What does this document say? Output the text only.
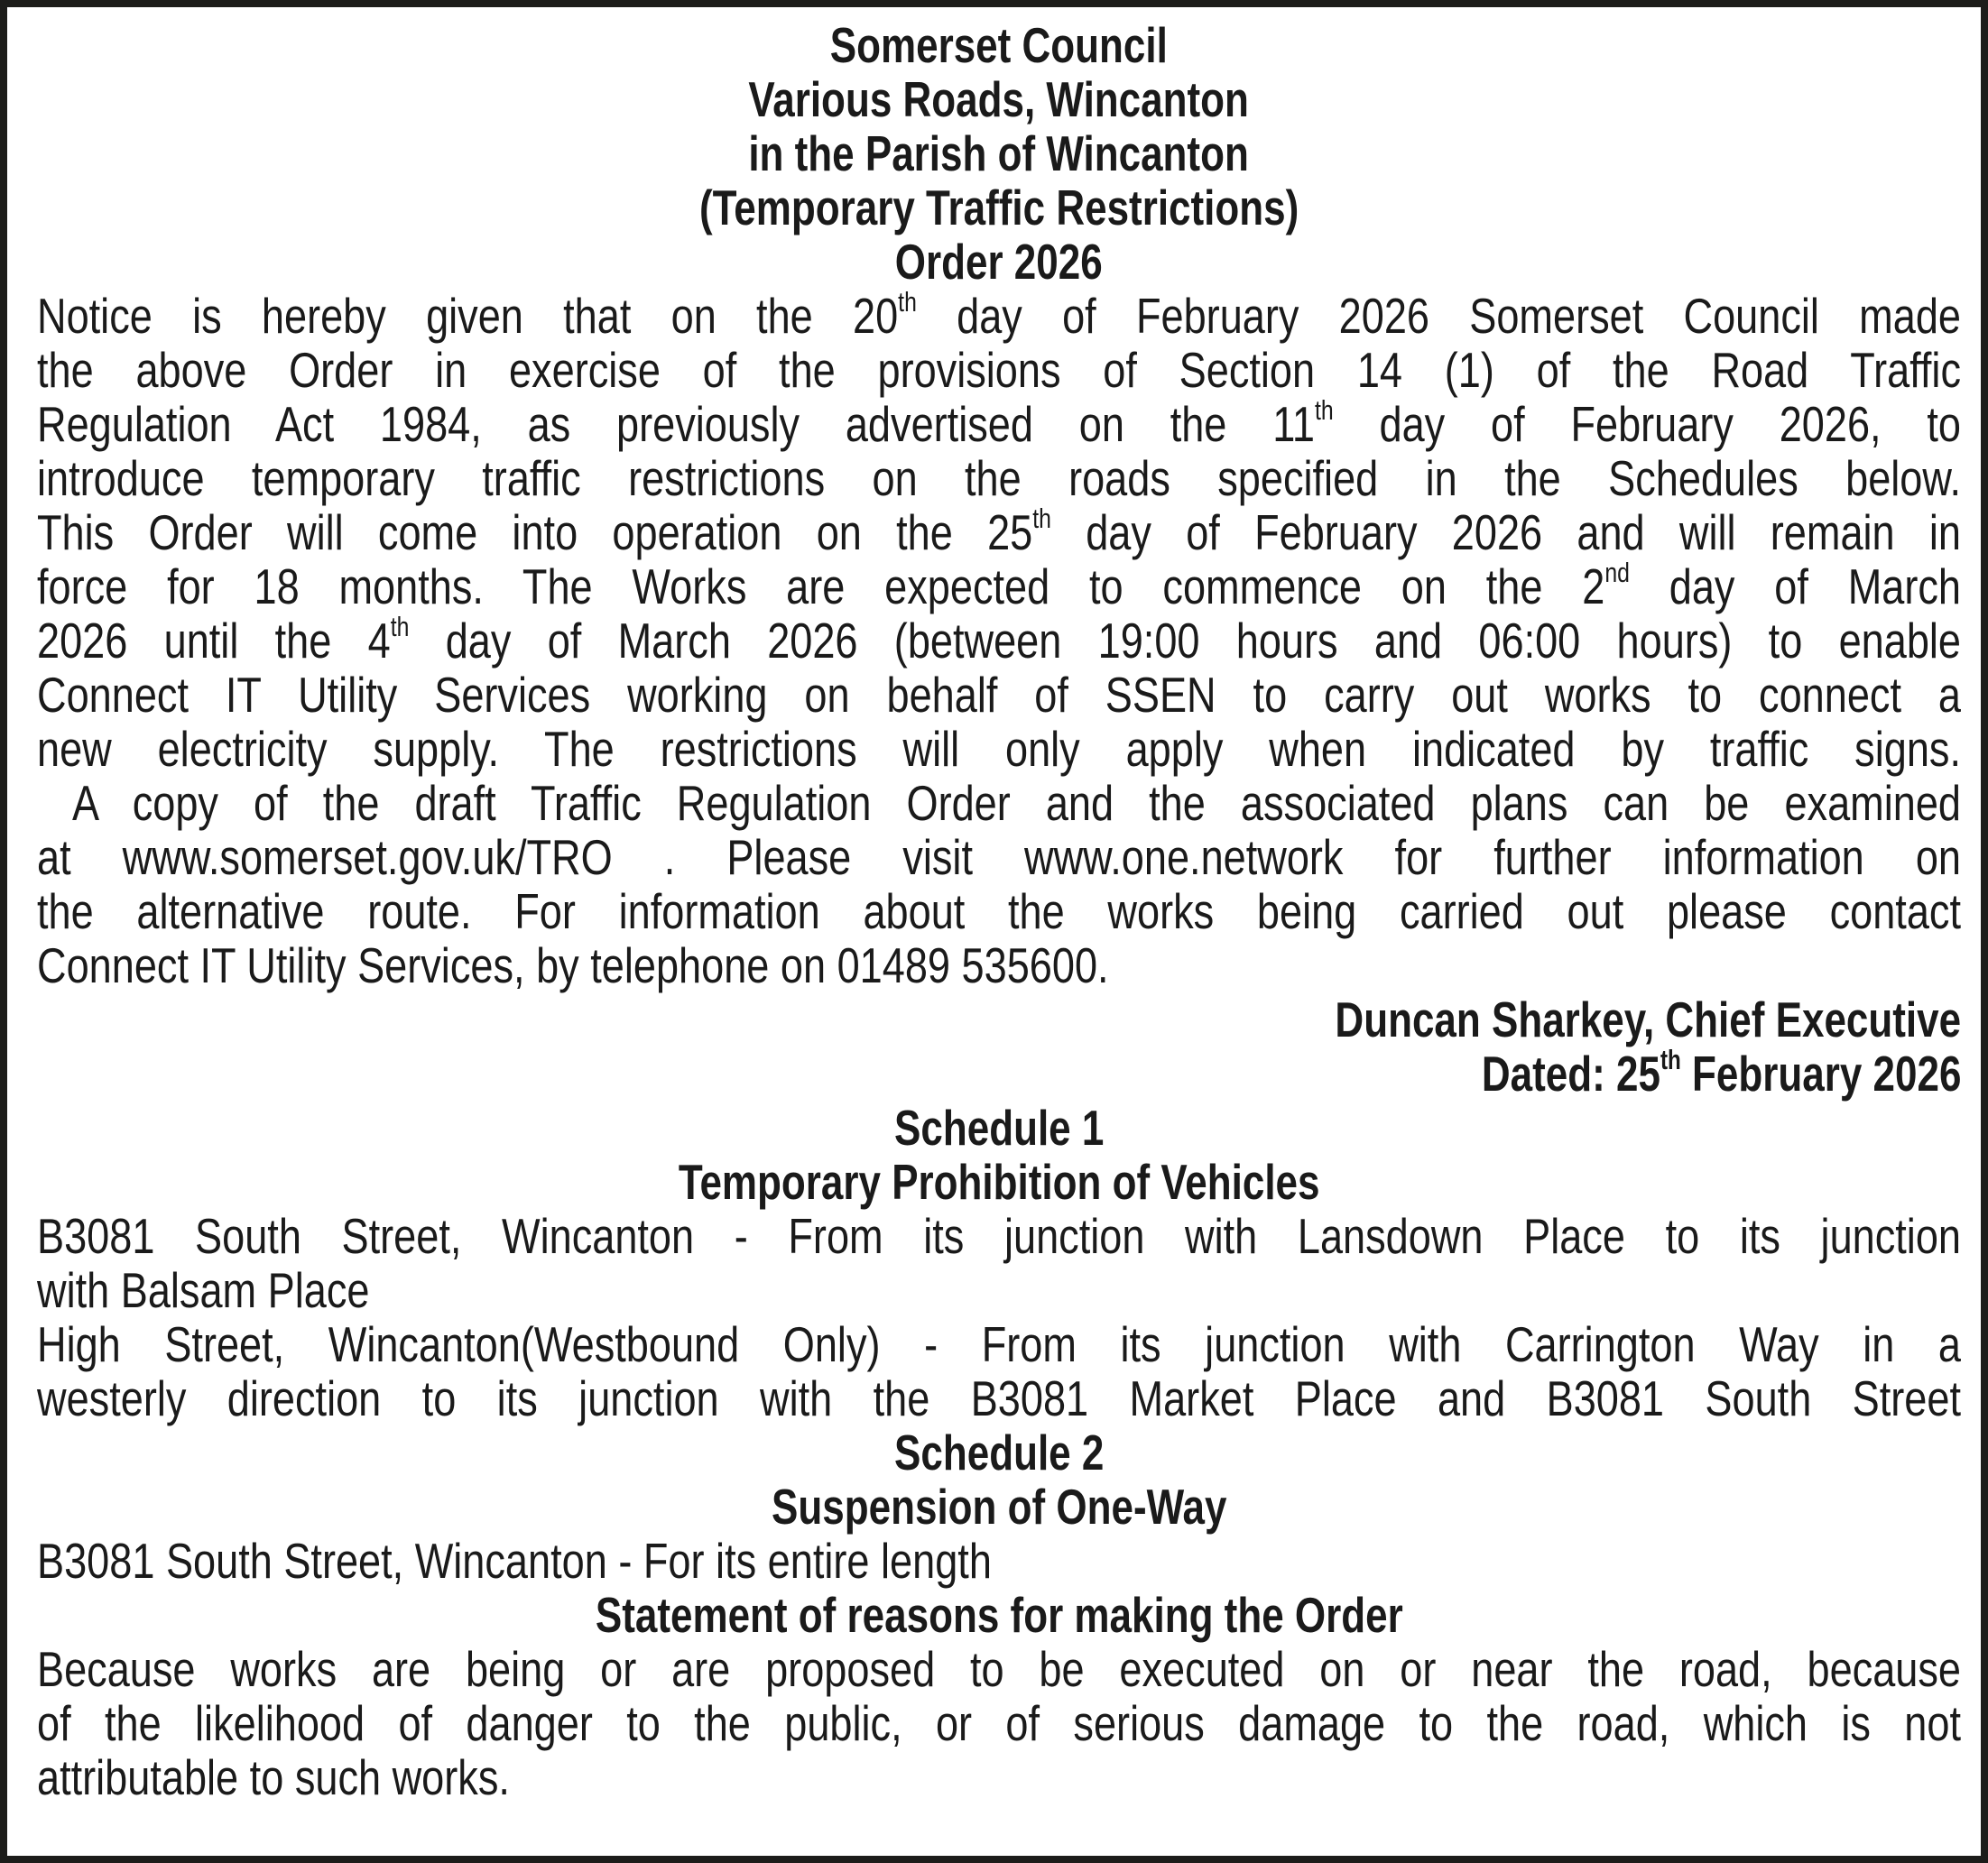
Somerset Council
Various Roads, Wincanton
in the Parish of Wincanton
(Temporary Traffic Restrictions)
Order 2026
Notice is hereby given that on the 20th day of February 2026 Somerset Council made
the above Order in exercise of the provisions of Section 14 (1) of the Road Traffic
Regulation Act 1984, as previously advertised on the 11th day of February 2026, to
introduce temporary traffic restrictions on the roads specified in the Schedules below.
This Order will come into operation on the 25th day of February 2026 and will remain in
force for 18 months. The Works are expected to commence on the 2nd day of March
2026 until the 4th day of March 2026 (between 19:00 hours and 06:00 hours) to enable
Connect IT Utility Services working on behalf of SSEN to carry out works to connect a
new electricity supply. The restrictions will only apply when indicated by traffic signs.
A copy of the draft Traffic Regulation Order and the associated plans can be examined
at www.somerset.gov.uk/TRO . Please visit www.one.network for further information on
the alternative route. For information about the works being carried out please contact
Connect IT Utility Services, by telephone on 01489 535600.
Duncan Sharkey, Chief Executive
Dated: 25th February 2026
Schedule 1
Temporary Prohibition of Vehicles
B3081 South Street, Wincanton - From its junction with Lansdown Place to its junction
with Balsam Place
High Street, Wincanton(Westbound Only) - From its junction with Carrington Way in a
westerly direction to its junction with the B3081 Market Place and B3081 South Street
Schedule 2
Suspension of One-Way
B3081 South Street, Wincanton - For its entire length
Statement of reasons for making the Order
Because works are being or are proposed to be executed on or near the road, because
of the likelihood of danger to the public, or of serious damage to the road, which is not
attributable to such works.
